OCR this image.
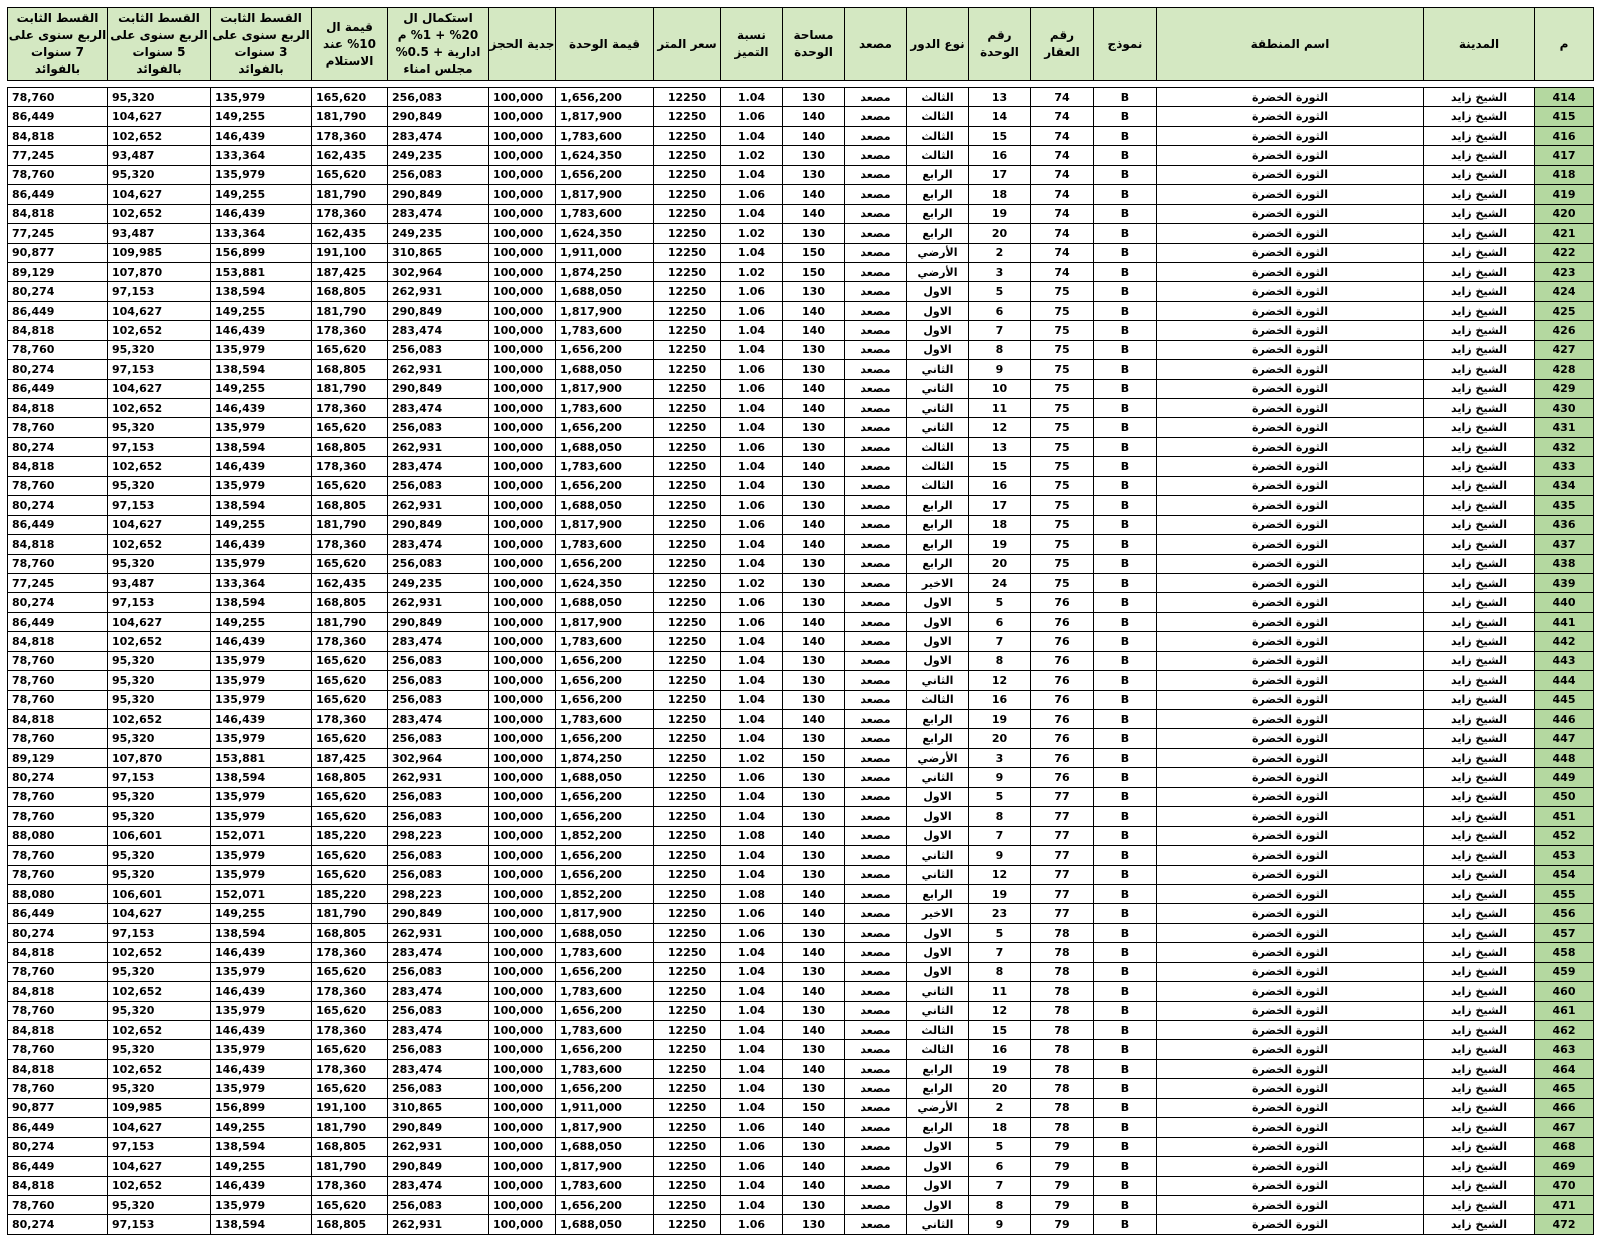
م	المدينة	اسم المنطقة	نموذج	رقم العقار	رقم الوحدة	نوع الدور	مصعد	مساحة الوحدة	نسبة التميز	سعر المتر	قيمة الوحدة	جدية الحجز	استكمال ال 20% + 1% م ادارية + 0.5% مجلس امناء	قيمة ال 10% عند الاستلام	القسط الثابت الربع سنوى على 3 سنوات بالفوائد	القسط الثابت الربع سنوى على 5 سنوات بالفوائد	القسط الثابت الربع سنوى على 7 سنوات بالفوائد

414	الشيخ زايد	الثورة الخضرة	B	74	13	الثالث	مصعد	130	1.04	12250	1,656,200	100,000	256,083	165,620	135,979	95,320	78,760
415	الشيخ زايد	الثورة الخضرة	B	74	14	الثالث	مصعد	140	1.06	12250	1,817,900	100,000	290,849	181,790	149,255	104,627	86,449
416	الشيخ زايد	الثورة الخضرة	B	74	15	الثالث	مصعد	140	1.04	12250	1,783,600	100,000	283,474	178,360	146,439	102,652	84,818
417	الشيخ زايد	الثورة الخضرة	B	74	16	الثالث	مصعد	130	1.02	12250	1,624,350	100,000	249,235	162,435	133,364	93,487	77,245
418	الشيخ زايد	الثورة الخضرة	B	74	17	الرابع	مصعد	130	1.04	12250	1,656,200	100,000	256,083	165,620	135,979	95,320	78,760
419	الشيخ زايد	الثورة الخضرة	B	74	18	الرابع	مصعد	140	1.06	12250	1,817,900	100,000	290,849	181,790	149,255	104,627	86,449
420	الشيخ زايد	الثورة الخضرة	B	74	19	الرابع	مصعد	140	1.04	12250	1,783,600	100,000	283,474	178,360	146,439	102,652	84,818
421	الشيخ زايد	الثورة الخضرة	B	74	20	الرابع	مصعد	130	1.02	12250	1,624,350	100,000	249,235	162,435	133,364	93,487	77,245
422	الشيخ زايد	الثورة الخضرة	B	74	2	الأرضي	مصعد	150	1.04	12250	1,911,000	100,000	310,865	191,100	156,899	109,985	90,877
423	الشيخ زايد	الثورة الخضرة	B	74	3	الأرضي	مصعد	150	1.02	12250	1,874,250	100,000	302,964	187,425	153,881	107,870	89,129
424	الشيخ زايد	الثورة الخضرة	B	75	5	الاول	مصعد	130	1.06	12250	1,688,050	100,000	262,931	168,805	138,594	97,153	80,274
425	الشيخ زايد	الثورة الخضرة	B	75	6	الاول	مصعد	140	1.06	12250	1,817,900	100,000	290,849	181,790	149,255	104,627	86,449
426	الشيخ زايد	الثورة الخضرة	B	75	7	الاول	مصعد	140	1.04	12250	1,783,600	100,000	283,474	178,360	146,439	102,652	84,818
427	الشيخ زايد	الثورة الخضرة	B	75	8	الاول	مصعد	130	1.04	12250	1,656,200	100,000	256,083	165,620	135,979	95,320	78,760
428	الشيخ زايد	الثورة الخضرة	B	75	9	الثاني	مصعد	130	1.06	12250	1,688,050	100,000	262,931	168,805	138,594	97,153	80,274
429	الشيخ زايد	الثورة الخضرة	B	75	10	الثاني	مصعد	140	1.06	12250	1,817,900	100,000	290,849	181,790	149,255	104,627	86,449
430	الشيخ زايد	الثورة الخضرة	B	75	11	الثاني	مصعد	140	1.04	12250	1,783,600	100,000	283,474	178,360	146,439	102,652	84,818
431	الشيخ زايد	الثورة الخضرة	B	75	12	الثاني	مصعد	130	1.04	12250	1,656,200	100,000	256,083	165,620	135,979	95,320	78,760
432	الشيخ زايد	الثورة الخضرة	B	75	13	الثالث	مصعد	130	1.06	12250	1,688,050	100,000	262,931	168,805	138,594	97,153	80,274
433	الشيخ زايد	الثورة الخضرة	B	75	15	الثالث	مصعد	140	1.04	12250	1,783,600	100,000	283,474	178,360	146,439	102,652	84,818
434	الشيخ زايد	الثورة الخضرة	B	75	16	الثالث	مصعد	130	1.04	12250	1,656,200	100,000	256,083	165,620	135,979	95,320	78,760
435	الشيخ زايد	الثورة الخضرة	B	75	17	الرابع	مصعد	130	1.06	12250	1,688,050	100,000	262,931	168,805	138,594	97,153	80,274
436	الشيخ زايد	الثورة الخضرة	B	75	18	الرابع	مصعد	140	1.06	12250	1,817,900	100,000	290,849	181,790	149,255	104,627	86,449
437	الشيخ زايد	الثورة الخضرة	B	75	19	الرابع	مصعد	140	1.04	12250	1,783,600	100,000	283,474	178,360	146,439	102,652	84,818
438	الشيخ زايد	الثورة الخضرة	B	75	20	الرابع	مصعد	130	1.04	12250	1,656,200	100,000	256,083	165,620	135,979	95,320	78,760
439	الشيخ زايد	الثورة الخضرة	B	75	24	الاخير	مصعد	130	1.02	12250	1,624,350	100,000	249,235	162,435	133,364	93,487	77,245
440	الشيخ زايد	الثورة الخضرة	B	76	5	الاول	مصعد	130	1.06	12250	1,688,050	100,000	262,931	168,805	138,594	97,153	80,274
441	الشيخ زايد	الثورة الخضرة	B	76	6	الاول	مصعد	140	1.06	12250	1,817,900	100,000	290,849	181,790	149,255	104,627	86,449
442	الشيخ زايد	الثورة الخضرة	B	76	7	الاول	مصعد	140	1.04	12250	1,783,600	100,000	283,474	178,360	146,439	102,652	84,818
443	الشيخ زايد	الثورة الخضرة	B	76	8	الاول	مصعد	130	1.04	12250	1,656,200	100,000	256,083	165,620	135,979	95,320	78,760
444	الشيخ زايد	الثورة الخضرة	B	76	12	الثاني	مصعد	130	1.04	12250	1,656,200	100,000	256,083	165,620	135,979	95,320	78,760
445	الشيخ زايد	الثورة الخضرة	B	76	16	الثالث	مصعد	130	1.04	12250	1,656,200	100,000	256,083	165,620	135,979	95,320	78,760
446	الشيخ زايد	الثورة الخضرة	B	76	19	الرابع	مصعد	140	1.04	12250	1,783,600	100,000	283,474	178,360	146,439	102,652	84,818
447	الشيخ زايد	الثورة الخضرة	B	76	20	الرابع	مصعد	130	1.04	12250	1,656,200	100,000	256,083	165,620	135,979	95,320	78,760
448	الشيخ زايد	الثورة الخضرة	B	76	3	الأرضي	مصعد	150	1.02	12250	1,874,250	100,000	302,964	187,425	153,881	107,870	89,129
449	الشيخ زايد	الثورة الخضرة	B	76	9	الثاني	مصعد	130	1.06	12250	1,688,050	100,000	262,931	168,805	138,594	97,153	80,274
450	الشيخ زايد	الثورة الخضرة	B	77	5	الاول	مصعد	130	1.04	12250	1,656,200	100,000	256,083	165,620	135,979	95,320	78,760
451	الشيخ زايد	الثورة الخضرة	B	77	8	الاول	مصعد	130	1.04	12250	1,656,200	100,000	256,083	165,620	135,979	95,320	78,760
452	الشيخ زايد	الثورة الخضرة	B	77	7	الاول	مصعد	140	1.08	12250	1,852,200	100,000	298,223	185,220	152,071	106,601	88,080
453	الشيخ زايد	الثورة الخضرة	B	77	9	الثاني	مصعد	130	1.04	12250	1,656,200	100,000	256,083	165,620	135,979	95,320	78,760
454	الشيخ زايد	الثورة الخضرة	B	77	12	الثاني	مصعد	130	1.04	12250	1,656,200	100,000	256,083	165,620	135,979	95,320	78,760
455	الشيخ زايد	الثورة الخضرة	B	77	19	الرابع	مصعد	140	1.08	12250	1,852,200	100,000	298,223	185,220	152,071	106,601	88,080
456	الشيخ زايد	الثورة الخضرة	B	77	23	الاخير	مصعد	140	1.06	12250	1,817,900	100,000	290,849	181,790	149,255	104,627	86,449
457	الشيخ زايد	الثورة الخضرة	B	78	5	الاول	مصعد	130	1.06	12250	1,688,050	100,000	262,931	168,805	138,594	97,153	80,274
458	الشيخ زايد	الثورة الخضرة	B	78	7	الاول	مصعد	140	1.04	12250	1,783,600	100,000	283,474	178,360	146,439	102,652	84,818
459	الشيخ زايد	الثورة الخضرة	B	78	8	الاول	مصعد	130	1.04	12250	1,656,200	100,000	256,083	165,620	135,979	95,320	78,760
460	الشيخ زايد	الثورة الخضرة	B	78	11	الثاني	مصعد	140	1.04	12250	1,783,600	100,000	283,474	178,360	146,439	102,652	84,818
461	الشيخ زايد	الثورة الخضرة	B	78	12	الثاني	مصعد	130	1.04	12250	1,656,200	100,000	256,083	165,620	135,979	95,320	78,760
462	الشيخ زايد	الثورة الخضرة	B	78	15	الثالث	مصعد	140	1.04	12250	1,783,600	100,000	283,474	178,360	146,439	102,652	84,818
463	الشيخ زايد	الثورة الخضرة	B	78	16	الثالث	مصعد	130	1.04	12250	1,656,200	100,000	256,083	165,620	135,979	95,320	78,760
464	الشيخ زايد	الثورة الخضرة	B	78	19	الرابع	مصعد	140	1.04	12250	1,783,600	100,000	283,474	178,360	146,439	102,652	84,818
465	الشيخ زايد	الثورة الخضرة	B	78	20	الرابع	مصعد	130	1.04	12250	1,656,200	100,000	256,083	165,620	135,979	95,320	78,760
466	الشيخ زايد	الثورة الخضرة	B	78	2	الأرضي	مصعد	150	1.04	12250	1,911,000	100,000	310,865	191,100	156,899	109,985	90,877
467	الشيخ زايد	الثورة الخضرة	B	78	18	الرابع	مصعد	140	1.06	12250	1,817,900	100,000	290,849	181,790	149,255	104,627	86,449
468	الشيخ زايد	الثورة الخضرة	B	79	5	الاول	مصعد	130	1.06	12250	1,688,050	100,000	262,931	168,805	138,594	97,153	80,274
469	الشيخ زايد	الثورة الخضرة	B	79	6	الاول	مصعد	140	1.06	12250	1,817,900	100,000	290,849	181,790	149,255	104,627	86,449
470	الشيخ زايد	الثورة الخضرة	B	79	7	الاول	مصعد	140	1.04	12250	1,783,600	100,000	283,474	178,360	146,439	102,652	84,818
471	الشيخ زايد	الثورة الخضرة	B	79	8	الاول	مصعد	130	1.04	12250	1,656,200	100,000	256,083	165,620	135,979	95,320	78,760
472	الشيخ زايد	الثورة الخضرة	B	79	9	الثاني	مصعد	130	1.06	12250	1,688,050	100,000	262,931	168,805	138,594	97,153	80,274
